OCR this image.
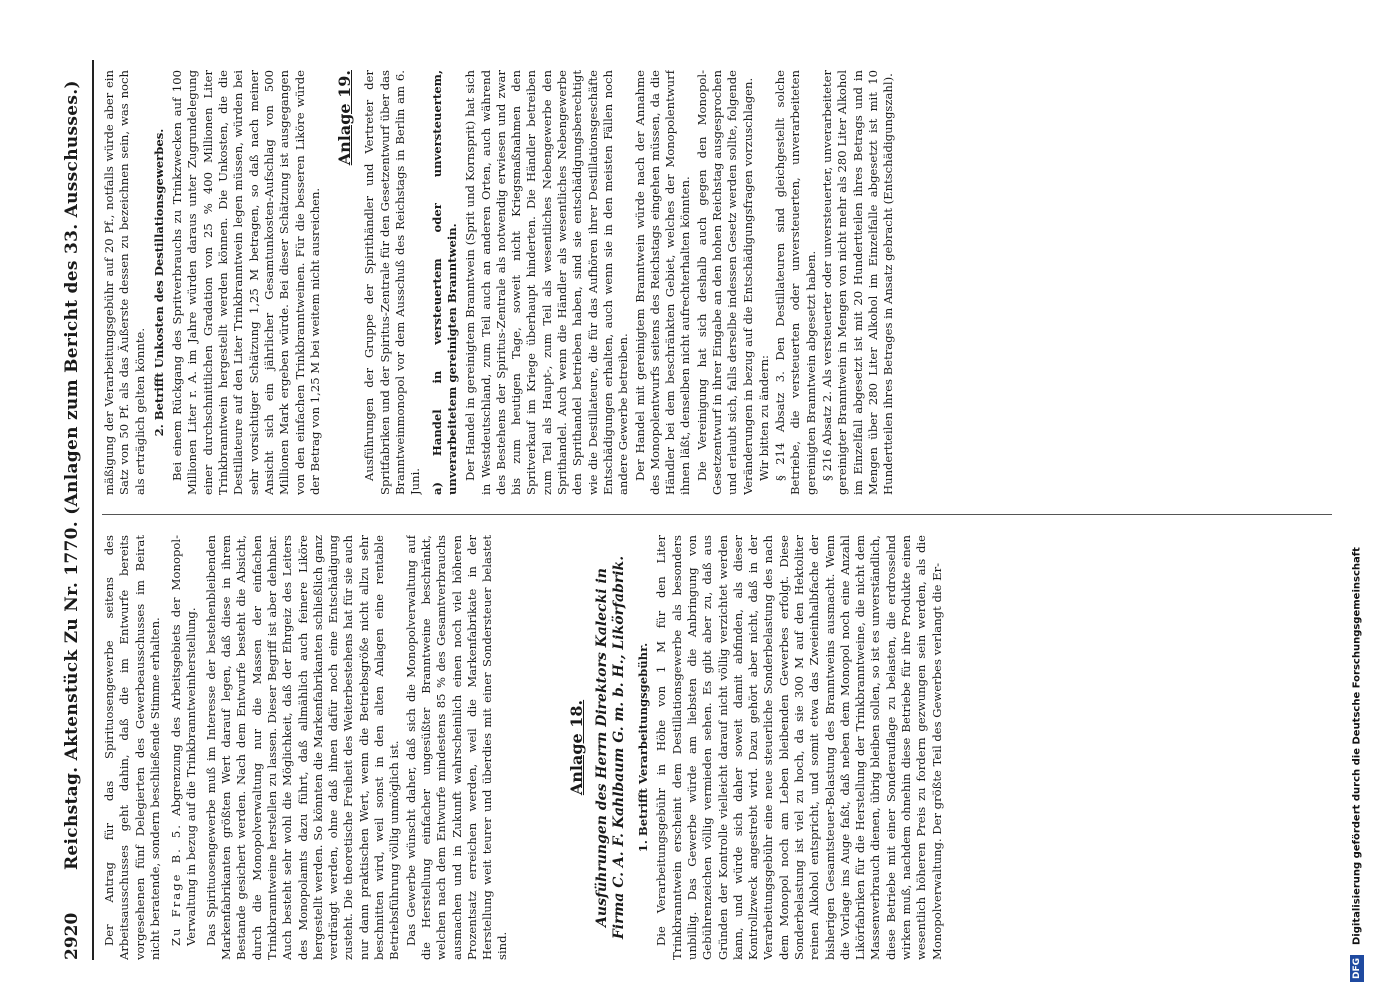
2920
Reichstag. Aktenstück Zu Nr. 1770. (Anlagen zum Bericht des 33. Ausschusses.) Der Antrag für das Spirituosengewerbe seitens des Arbeitsausschusses geht dahin, daß die im Entwurfe bereits vorgesehenen fünf Delegierten des Gewerbeausschusses im Beirat nicht beratende, sondern beschließende Stimme erhalten. Zu Frage B. 5. Abgrenzung des Arbeitsgebiets der Monopol-Verwaltung in bezug auf die Trinkbranntweinherstellung. Das Spirituosengewerbe muß im Interesse der bestehenbleibenden Markenfabrikanten größten Wert darauf legen, daß diese in ihrem Bestande gesichert werden. Nach dem Entwurfe besteht die Absicht, durch die Monopolverwaltung nur die Massen der einfachen Trinkbranntweine herstellen zu lassen. Dieser Begriff ist aber dehnbar. Auch besteht sehr wohl die Möglichkeit, daß der Ehrgeiz des Leiters des Monopolamts dazu führt, daß allmählich auch feinere Liköre hergestellt werden. So könnten die Markenfabrikanten schließlich ganz verdrängt werden, ohne daß ihnen dafür noch eine Entschädigung zusteht. Die theoretische Freiheit des Weiterbestehens hat für sie auch nur dann praktischen Wert, wenn die Betriebsgröße nicht allzu sehr beschnitten wird, weil sonst in den alten Anlagen eine rentable Betriebsführung völlig unmöglich ist. Das Gewerbe wünscht daher, daß sich die Monopolverwaltung auf die Herstellung einfacher ungesüßter Branntweine beschränkt, welchen nach dem Entwurfe mindestens 85 % des Gesamtverbrauchs ausmachen und in Zukunft wahrscheinlich einen noch viel höheren Prozentsatz erreichen werden, weil die Markenfabrikate in der Herstellung weit teurer und überdies mit einer Sondersteuer belastet sind.

Anlage 18. Ausführungen des Herrn Direktors Kalecki in Firma C. A. F. Kahlbaum G. m. b. H., Likörfabrik. 1. Betrifft Verarbeitungsgebühr. Die Verarbeitungsgebühr in Höhe von 1 M für den Liter Trinkbranntwein erscheint dem Destillationsgewerbe als besonders unbillig. Das Gewerbe würde am liebsten die Anbringung von Gebührenzeichen völlig vermieden sehen. Es gibt aber zu, daß aus Gründen der Kontrolle vielleicht darauf nicht völlig verzichtet werden kann, und würde sich daher soweit damit abfinden, als dieser Kontrollzweck angestrebt wird. Dazu gehört aber nicht, daß in der Verarbeitungsgebühr eine neue steuerliche Sonderbelastung des nach dem Monopol noch am Leben bleibenden Gewerbes erfolgt. Diese Sonderbelastung ist viel zu hoch, da sie 300 M auf den Hektoliter reinen Alkohol entspricht, und somit etwa das Zweieinhalbfache der bisherigen Gesamtsteuer-Belastung des Branntweins ausmacht. Wenn die Vorlage ins Auge faßt, daß neben dem Monopol noch eine Anzahl Likörfabriken für die Herstellung der Trinkbranntweine, die nicht dem Massenverbrauch dienen, übrig bleiben sollen, so ist es unverständlich, diese Betriebe mit einer Sonderauflage zu belasten, die erdrosselnd wirken muß, nachdem ohnehin diese Betriebe für ihre Produkte einen wesentlich höheren Preis zu fordern gezwungen sein werden, als die Monopolverwaltung. Der größte Teil des Gewerbes verlangt die Er-

mäßigung der Verarbeitungsgebühr auf 20 Pf., notfalls würde aber ein Satz von 50 Pf. als das Äußerste dessen zu bezeichnen sein, was noch als erträglich gelten könnte. 2. Betrifft Unkosten des Destillationsgewerbes. Bei einem Rückgang des Spritverbrauchs zu Trinkzwecken auf 100 Millionen Liter r. A. im Jahre würden daraus unter Zugrundelegung einer durchschnittlichen Gradation von 25 % 400 Millionen Liter Trinkbranntwein hergestellt werden können. Die Unkosten, die die Destillateure auf den Liter Trinkbranntwein legen müssen, würden bei sehr vorsichtiger Schätzung 1,25 M betragen, so daß nach meiner Ansicht sich ein jährlicher Gesamtunkosten-Aufschlag von 500 Millionen Mark ergeben würde. Bei dieser Schätzung ist ausgegangen von den einfachen Trinkbranntweinen. Für die besseren Liköre würde der Betrag von 1,25 M bei weitem nicht ausreichen.

Anlage 19. Ausführungen der Gruppe der Spirithändler und Vertreter der Spritfabriken und der Spiritus-Zentrale für den Gesetzentwurf über das Branntweinmonopol vor dem Ausschuß des Reichstags in Berlin am 6. Juni. a) Handel in versteuertem oder unversteuertem, unverarbeitetem gereinigten Branntwein. Der Handel in gereinigtem Branntwein (Sprit und Kornsprit) hat sich in Westdeutschland, zum Teil auch an anderen Orten, auch während des Bestehens der Spiritus-Zentrale als notwendig erwiesen und zwar bis zum heutigen Tage, soweit nicht Kriegsmaßnahmen den Spritverkauf im Kriege überhaupt hinderten. Die Händler betreiben zum Teil als Haupt-, zum Teil als wesentliches Nebengewerbe den Sprithandel. Auch wenn die Händler als wesentliches Nebengewerbe den Sprithandel betrieben haben, sind sie entschädigungsberechtigt wie die Destillateure, die für das Aufhören ihrer Destillationsgeschäfte Entschädigungen erhalten, auch wenn sie in den meisten Fällen noch andere Gewerbe betreiben. Der Handel mit gereinigtem Branntwein würde nach der Annahme des Monopolentwurfs seitens des Reichstags eingehen müssen, da die Händler bei dem beschränkten Gebiet, welches der Monopolentwurf ihnen läßt, denselben nicht aufrechterhalten könnten. Die Vereinigung hat sich deshalb auch gegen den Monopol-Gesetzentwurf in ihrer Eingabe an den hohen Reichstag ausgesprochen und erlaubt sich, falls derselbe indessen Gesetz werden sollte, folgende Veränderungen in bezug auf die Entschädigungsfragen vorzuschlagen. Wir bitten zu ändern: § 214 Absatz 3. Den Destillateuren sind gleichgestellt solche Betriebe, die versteuerten oder unversteuerten, unverarbeiteten gereinigten Branntwein abgesetzt haben. § 216 Absatz 2. Als versteuerter oder unversteuerter, unverarbeiteter gereinigter Branntwein in Mengen von nicht mehr als 280 Liter Alkohol im Einzelfall abgesetzt ist mit 20 Hundertteilen ihres Betrags und in Mengen über 280 Liter Alkohol im Einzelfalle abgesetzt ist mit 10 Hundertteilen ihres Betrages in Ansatz gebracht (Entschädigungszahl).

DFG
Digitalisierung gefördert durch die Deutsche Forschungsgemeinschaft
